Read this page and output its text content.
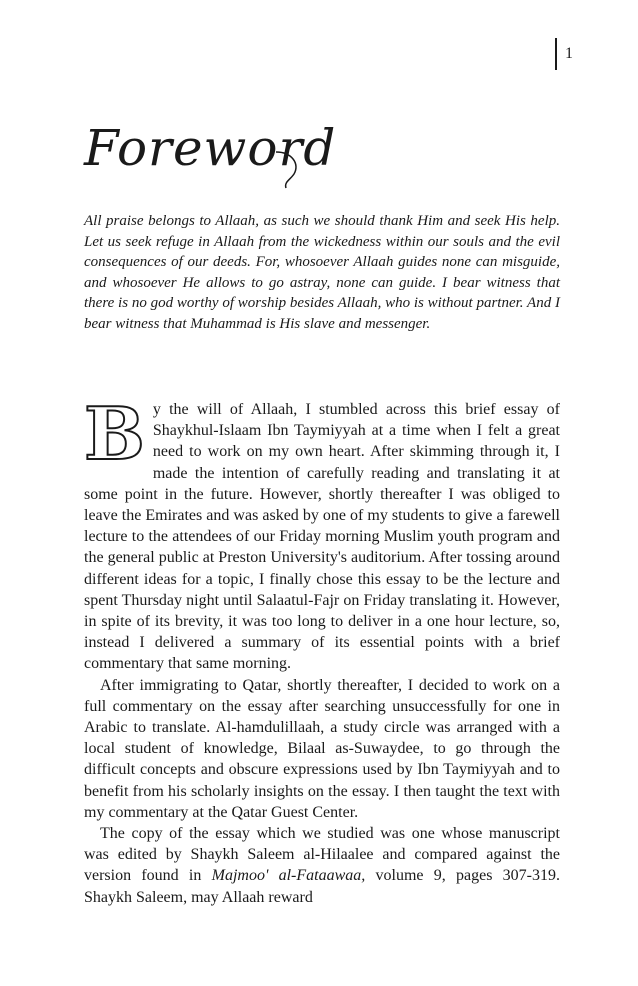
1
Foreword

All praise belongs to Allaah, as such we should thank Him and seek His help. Let us seek refuge in Allaah from the wickedness within our souls and the evil consequences of our deeds. For, whosoever Allaah guides none can misguide, and whosoever He allows to go astray, none can guide. I bear witness that there is no god worthy of worship besides Allaah, who is without partner. And I bear witness that Muhammad is His slave and messenger.

By the will of Allaah, I stumbled across this brief essay of Shaykhul-Islaam Ibn Taymiyyah at a time when I felt a great need to work on my own heart. After skimming through it, I made the intention of carefully reading and translating it at some point in the future. However, shortly thereafter I was obliged to leave the Emirates and was asked by one of my students to give a farewell lecture to the attendees of our Friday morning Muslim youth program and the general public at Preston University's auditorium. After tossing around different ideas for a topic, I finally chose this essay to be the lecture and spent Thursday night until Salaatul-Fajr on Friday translating it. However, in spite of its brevity, it was too long to deliver in a one hour lecture, so, instead I delivered a summary of its essential points with a brief commentary that same morning.

After immigrating to Qatar, shortly thereafter, I decided to work on a full commentary on the essay after searching unsuccessfully for one in Arabic to translate. Al-hamdulillaah, a study circle was arranged with a local student of knowledge, Bilaal as-Suwaydee, to go through the difficult concepts and obscure expressions used by Ibn Taymiyyah and to benefit from his scholarly insights on the essay. I then taught the text with my commentary at the Qatar Guest Center.

The copy of the essay which we studied was one whose manuscript was edited by Shaykh Saleem al-Hilaalee and compared against the version found in Majmoo' al-Fataawaa, volume 9, pages 307-319. Shaykh Saleem, may Allaah reward
